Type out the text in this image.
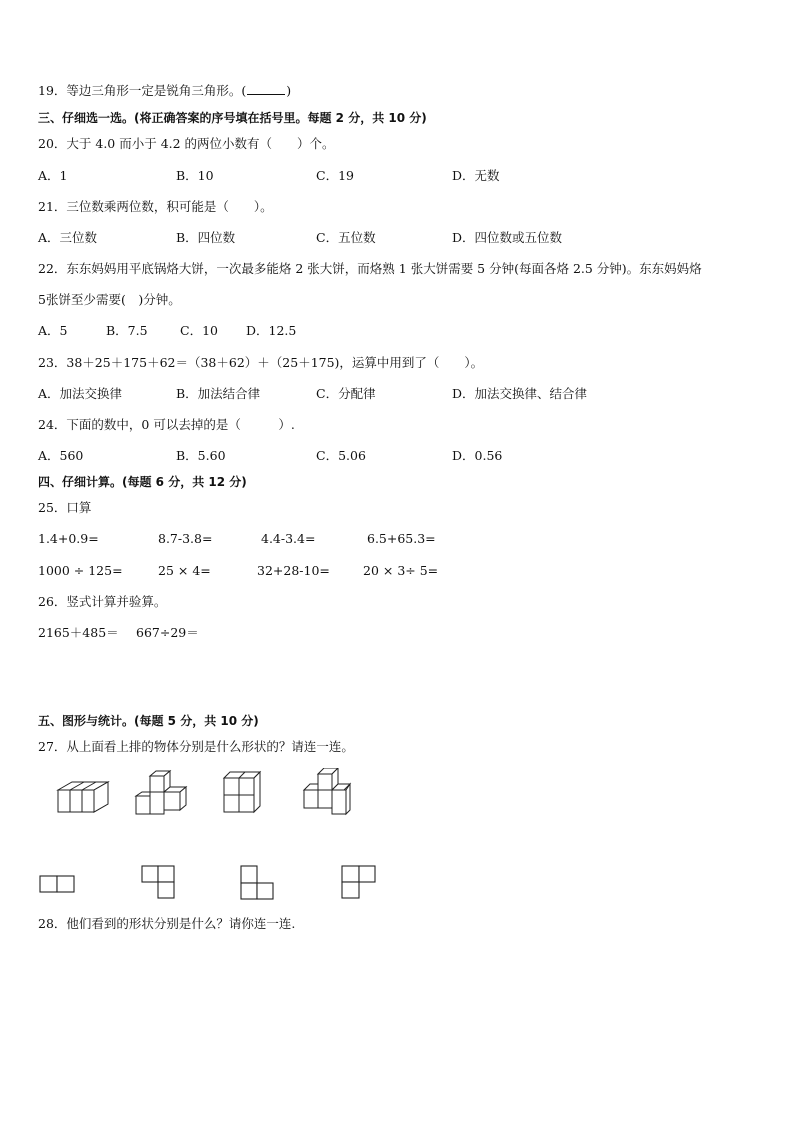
19．等边三角形一定是锐角三角形。(	)
三、仔细选一选。(将正确答案的序号填在括号里。每题 2 分，共 10 分)
20．大于 4.0 而小于 4.2 的两位小数有（　　）个。
A．1	B．10	C．19	D．无数
21．三位数乘两位数，积可能是（　　）。
A．三位数	B．四位数	C．五位数	D．四位数或五位数
22．东东妈妈用平底锅烙大饼，一次最多能烙 2 张大饼，而烙熟 1 张大饼需要 5 分钟(每面各烙 2.5 分钟)。东东妈妈烙
5张饼至少需要(　)分钟。
A．5	B．7.5	C．10 D．12.5
23．38＋25＋175＋62＝（38＋62）＋（25＋175)，运算中用到了（　　）。
A．加法交换律	B．加法结合律	C．分配律	D．加法交换律、结合律
24．下面的数中，0 可以去掉的是（　　　）.
A．560	B．5.60	C．5.06	D．0.56
四、仔细计算。(每题 6 分，共 12 分)
25．口算
1.4+0.9=	8.7-3.8=	4.4-3.4=	6.5+65.3=
1000 ÷ 125=	25 × 4=	32+28-10=	20 × 3÷ 5=
26．竖式计算并验算。
2165＋485＝ 667÷29＝
五、图形与统计。(每题 5 分，共 10 分)
27．从上面看上排的物体分别是什么形状的？请连一连。
28．他们看到的形状分别是什么？请你连一连.
